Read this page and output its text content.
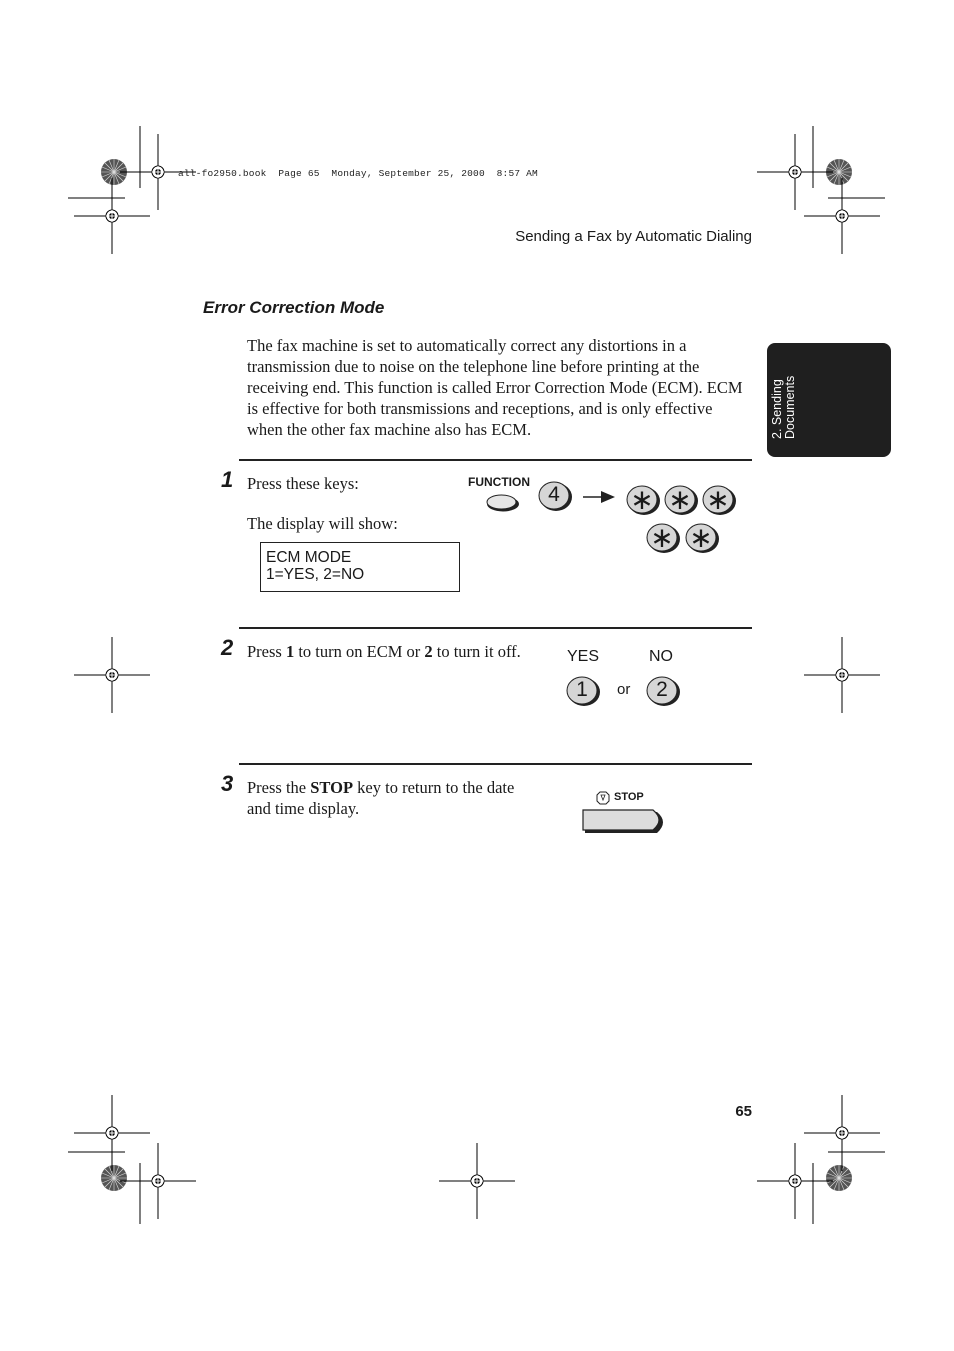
all-fo2950.book  Page 65  Monday, September 25, 2000  8:57 AM
Sending a Fax by Automatic Dialing
2. Sending Documents
Error Correction Mode
The fax machine is set to automatically correct any distortions in a transmission due to noise on the telephone line before printing at the receiving end. This function is called Error Correction Mode (ECM). ECM is effective for both transmissions and receptions, and is only effective when the other fax machine also has ECM.
1 Press these keys:
The display will show:
ECM MODE
1=YES, 2=NO
FUNCTION
4	∗ ∗ ∗
∗ ∗
2 Press 1 to turn on ECM or 2 to turn it off.	YES	NO
1	or	2
3 Press the STOP key to return to the date and time display.
STOP
65
